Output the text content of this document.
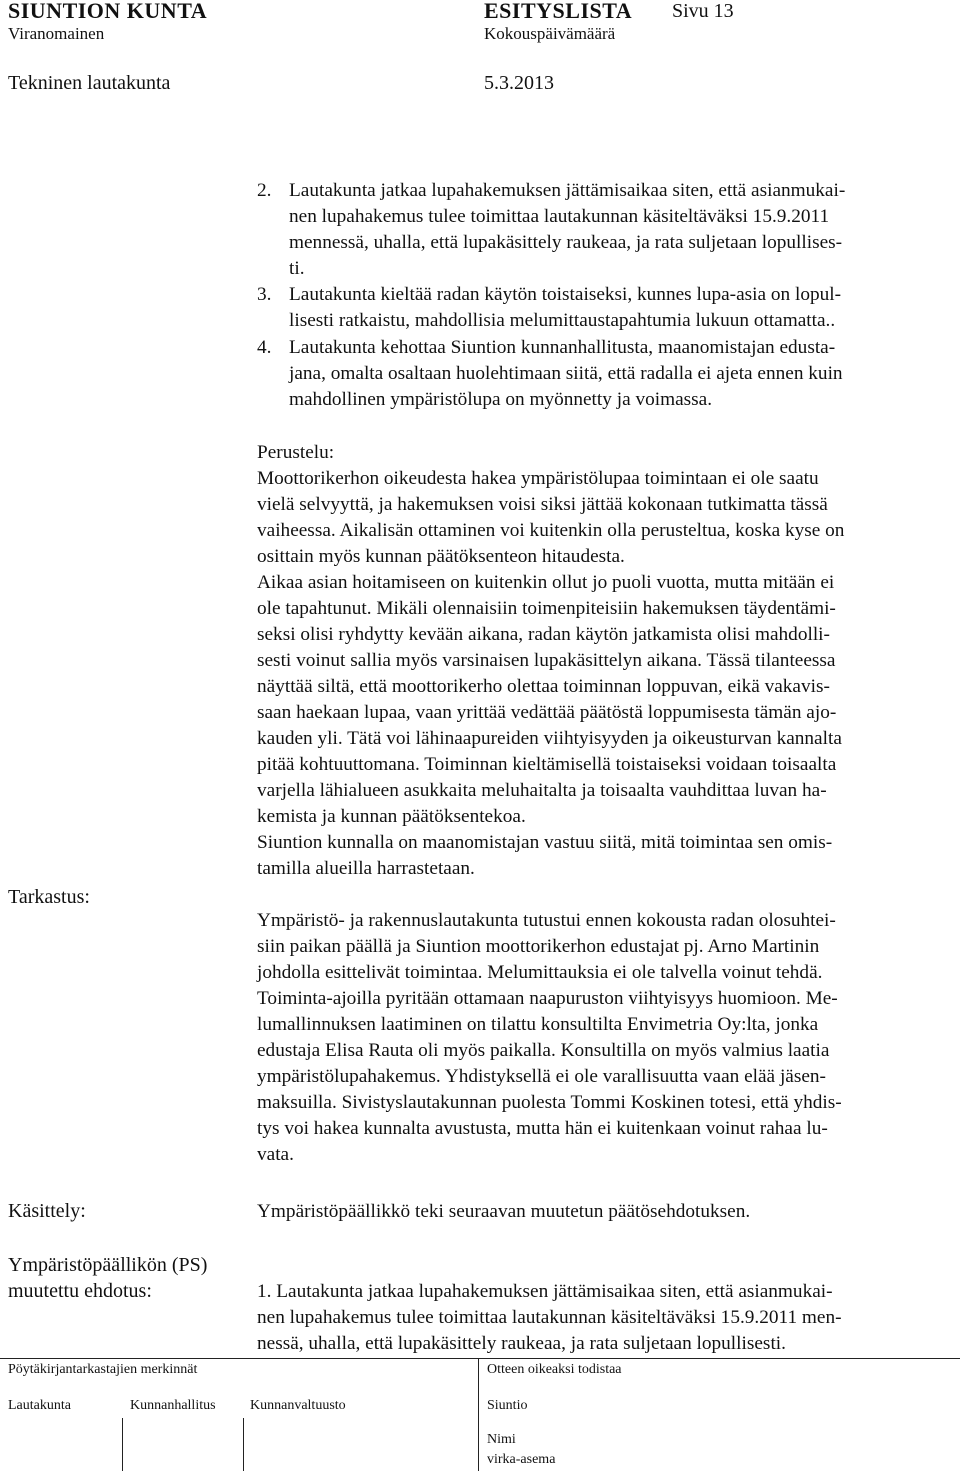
SIUNTION KUNTA	ESITYSLISTA Sivu 13
Viranomainen	Kokouspäivämäärä
Tekninen lautakunta	5.3.2013
2. Lautakunta jatkaa lupahakemuksen jättämisaikaa siten, että asianmukai-
nen lupahakemus tulee toimittaa lautakunnan käsiteltäväksi 15.9.2011
mennessä, uhalla, että lupakäsittely raukeaa, ja rata suljetaan lopullises-
ti.
3. Lautakunta kieltää radan käytön toistaiseksi, kunnes lupa-asia on lopul-
lisesti ratkaistu, mahdollisia melumittaustapahtumia lukuun ottamatta..
4. Lautakunta kehottaa Siuntion kunnanhallitusta, maanomistajan edusta-
jana, omalta osaltaan huolehtimaan siitä, että radalla ei ajeta ennen kuin
mahdollinen ympäristölupa on myönnetty ja voimassa.
Perustelu:
Moottorikerhon oikeudesta hakea ympäristölupaa toimintaan ei ole saatu
vielä selvyyttä, ja hakemuksen voisi siksi jättää kokonaan tutkimatta tässä
vaiheessa. Aikalisän ottaminen voi kuitenkin olla perusteltua, koska kyse on
osittain myös kunnan päätöksenteon hitaudesta.
Aikaa asian hoitamiseen on kuitenkin ollut jo puoli vuotta, mutta mitään ei
ole tapahtunut. Mikäli olennaisiin toimenpiteisiin hakemuksen täydentämi-
seksi olisi ryhdytty kevään aikana, radan käytön jatkamista olisi mahdolli-
sesti voinut sallia myös varsinaisen lupakäsittelyn aikana. Tässä tilanteessa
näyttää siltä, että moottorikerho olettaa toiminnan loppuvan, eikä vakavis-
saan haekaan lupaa, vaan yrittää vedättää päätöstä loppumisesta tämän ajo-
kauden yli. Tätä voi lähinaapureiden viihtyisyyden ja oikeusturvan kannalta
pitää kohtuuttomana. Toiminnan kieltämisellä toistaiseksi voidaan toisaalta
varjella lähialueen asukkaita meluhaitalta ja toisaalta vauhdittaa luvan ha-
kemista ja kunnan päätöksentekoa.
Siuntion kunnalla on maanomistajan vastuu siitä, mitä toimintaa sen omis-
tamilla alueilla harrastetaan.
Tarkastus:
Ympäristö- ja rakennuslautakunta tutustui ennen kokousta radan olosuhtei-
siin paikan päällä ja Siuntion moottorikerhon edustajat pj. Arno Martinin
johdolla esittelivät toimintaa. Melumittauksia ei ole talvella voinut tehdä.
Toiminta-ajoilla pyritään ottamaan naapuruston viihtyisyys huomioon. Me-
lumallinnuksen laatiminen on tilattu konsultilta Envimetria Oy:lta, jonka
edustaja Elisa Rauta oli myös paikalla. Konsultilla on myös valmius laatia
ympäristölupahakemus. Yhdistyksellä ei ole varallisuutta vaan elää jäsen-
maksuilla. Sivistyslautakunnan puolesta Tommi Koskinen totesi, että yhdis-
tys voi hakea kunnalta avustusta, mutta hän ei kuitenkaan voinut rahaa lu-
vata.
Käsittely:	Ympäristöpäällikkö teki seuraavan muutetun päätösehdotuksen.
Ympäristöpäällikön (PS)
muutettu ehdotus:	1. Lautakunta jatkaa lupahakemuksen jättämisaikaa siten, että asianmukai-
nen lupahakemus tulee toimittaa lautakunnan käsiteltäväksi 15.9.2011 men-
nessä, uhalla, että lupakäsittely raukeaa, ja rata suljetaan lopullisesti.
Pöytäkirjantarkastajien merkinnät	Otteen oikeaksi todistaa
Lautakunta	Kunnanhallitus Kunnanvaltuusto	Siuntio
Nimi
virka-asema
